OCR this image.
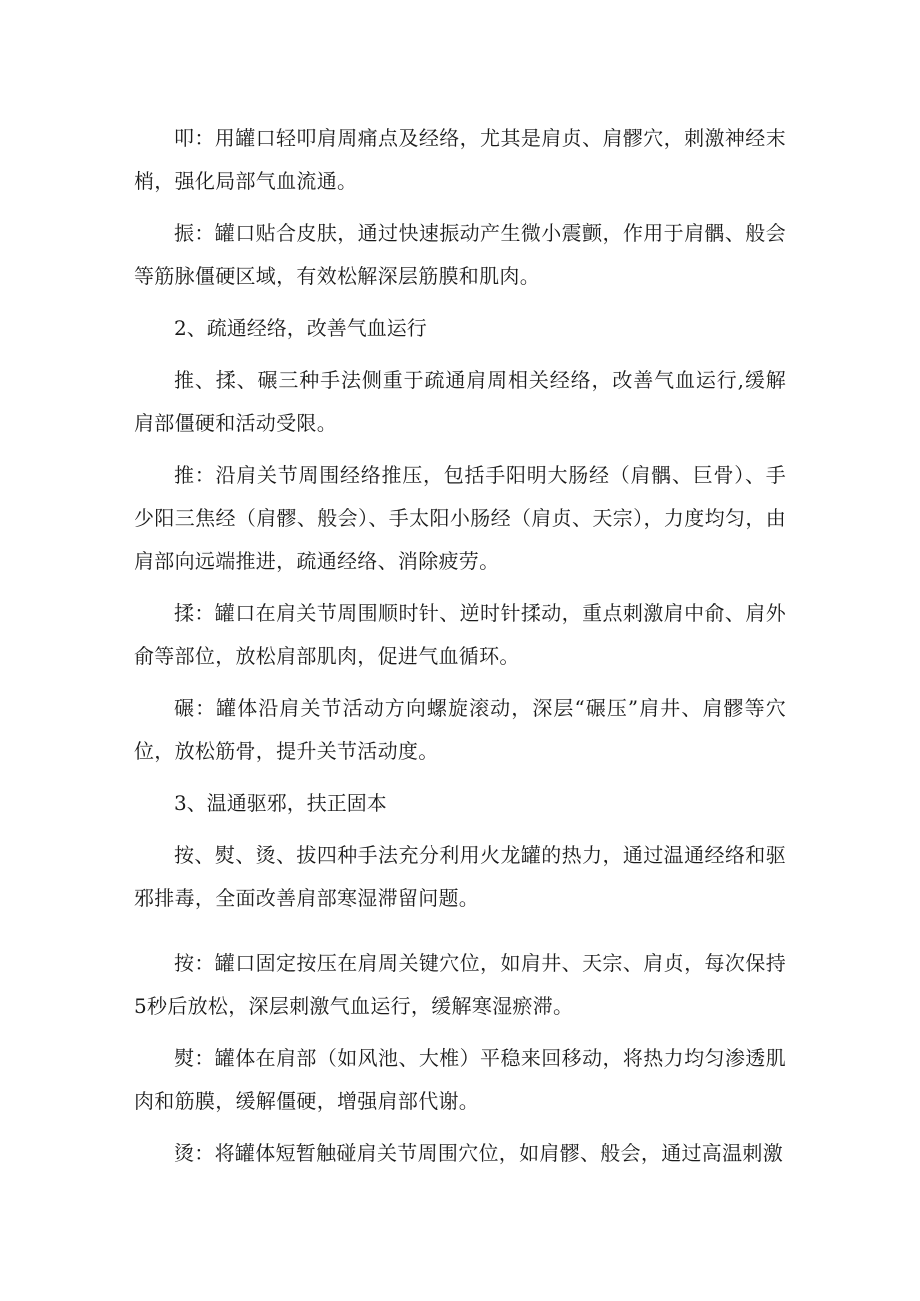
叩：用罐口轻叩肩周痛点及经络，尤其是肩贞、肩髎穴，刺激神经末梢，强化局部气血流通。

振：罐口贴合皮肤，通过快速振动产生微小震颤，作用于肩髃、般会等筋脉僵硬区域，有效松解深层筋膜和肌肉。

2、疏通经络，改善气血运行

推、揉、碾三种手法侧重于疏通肩周相关经络，改善气血运行,缓解肩部僵硬和活动受限。

推：沿肩关节周围经络推压，包括手阳明大肠经（肩髃、巨骨）、手少阳三焦经（肩髎、般会）、手太阳小肠经（肩贞、天宗），力度均匀，由肩部向远端推进，疏通经络、消除疲劳。

揉：罐口在肩关节周围顺时针、逆时针揉动，重点刺激肩中俞、肩外俞等部位，放松肩部肌肉，促进气血循环。

碾：罐体沿肩关节活动方向螺旋滚动，深层“碾压”肩井、肩髎等穴位，放松筋骨，提升关节活动度。

3、温通驱邪，扶正固本

按、熨、烫、拔四种手法充分利用火龙罐的热力，通过温通经络和驱邪排毒，全面改善肩部寒湿滞留问题。

按：罐口固定按压在肩周关键穴位，如肩井、天宗、肩贞，每次保持5秒后放松，深层刺激气血运行，缓解寒湿瘀滞。

熨：罐体在肩部（如风池、大椎）平稳来回移动，将热力均匀渗透肌肉和筋膜，缓解僵硬，增强肩部代谢。

烫：将罐体短暂触碰肩关节周围穴位，如肩髎、般会，通过高温刺激
